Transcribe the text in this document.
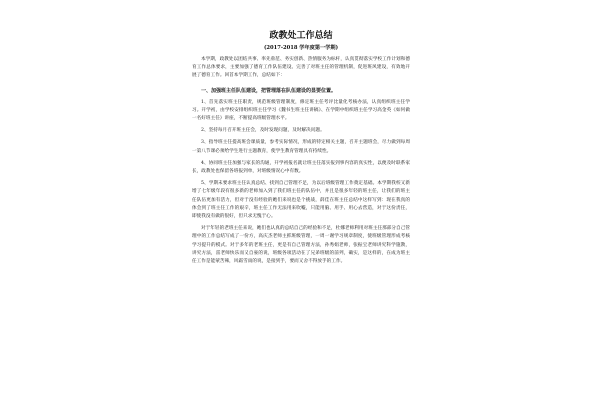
政教处工作总结
(2017-2018 学年度第一学期)

本学期，政教处以团结共事、率先垂范、务实创新、热情服务为标杆，认真贯彻落实学校工作计划和德育工作总体要求，主要加强了德育工作队伍建设、完善了对班主任的管理机制，促进班风建设，有效地开展了德育工作。回首本学期工作，总结如下：

一、加强班主任队伍建设，把管理落在队伍建设的显要位置。

1、首先落实班主任职责，规范班级管理制度，修定班主任考评比量化考核办法，认真组织班主任学习。开学初，由学校安排组织班主任学习《魏书生班主任讲稿》、在学期中组织班主任学习高金英《如何做一名好班主任》讲座，不断提高班级管理水平。

2、坚持每月召开班主任会，及时发现问题，及时解决问题。

3、指导班主任提高班会课质量，参考实际情况，形成的特定相关主题，召开主题班会，尽力做到每周一第八节课必须给学生进行主题教育，使学生教育管理具有持续性。

4、协同班主任加强与家长的沟通，开学初报名就让班主任落实报到事内容的真实性，以便及时联系家长，政教处也保留各班报到单，对班级情况心中有数。

5、学期末要求班主任认真总结、找到自己管理不足，为以后班级管理工作奠定基础。本学期我校又新增了七年级年段有很多新的老师加入到了我们班主任的队伍中，并且是很多年轻的班主任，让我们的班主任队伍更加有活力，但对于没有经验的她们来说也是个挑战，薛佳在班主任总结中这样写到：现在我真的体会到了班主任工作的艰辛，班主任工作无法用来吹嘘，只能用脑、用手、用心去营造，对于这份责任，即使我没有做的很好，但只求无愧于心。

对于年轻的老班主任来说，她们也认真的总结自己的经验和不足，杜娜老师利用对班主任那部分自己管理中的工作总结写成了一份方，高庆杰老师主抓班级管理，一周一谢学习规章制度，使班级管理形成考核学习提升的模式。对于多年的老班主任，更是有自己管理方法，孙秀娟老师，张振宝老师讲究科学施教，讲究方法，雷老师快乐而又自豪的说，班级各项活动在了兄弟班级的前列，确实，是这样的，在成为班主任工作是能蒙苦辣，风霜雪雨的说，是接到手，要而又舍不得放手的工作。
